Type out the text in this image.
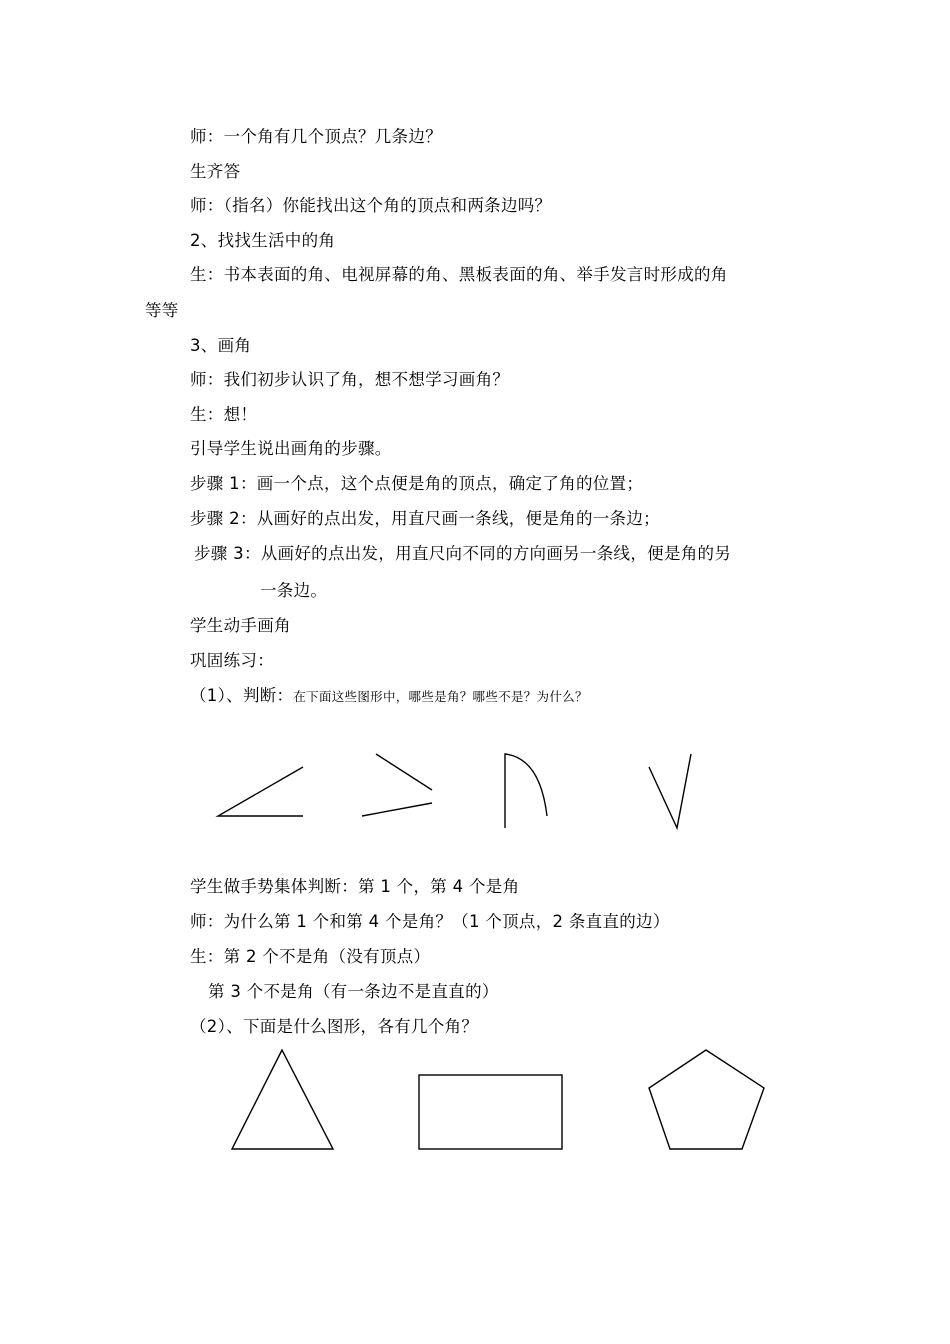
师：一个角有几个顶点？几条边？
生齐答
师：（指名）你能找出这个角的顶点和两条边吗？
2、找找生活中的角
生：书本表面的角、电视屏幕的角、黑板表面的角、举手发言时形成的角
等等
3、画角
师：我们初步认识了角，想不想学习画角？
生：想！
引导学生说出画角的步骤。
步骤 1：画一个点，这个点便是角的顶点，确定了角的位置；
步骤 2：从画好的点出发，用直尺画一条线，便是角的一条边；
步骤 3：从画好的点出发，用直尺向不同的方向画另一条线，便是角的另
一条边。
学生动手画角
巩固练习：
（1）、判断：在下面这些图形中，哪些是角？哪些不是？为什么？
学生做手势集体判断：第 1 个，第 4 个是角
师：为什么第 1 个和第 4 个是角？（1 个顶点，2 条直直的边）
生：第 2 个不是角（没有顶点）
第 3 个不是角（有一条边不是直直的）
（2）、下面是什么图形，各有几个角？
